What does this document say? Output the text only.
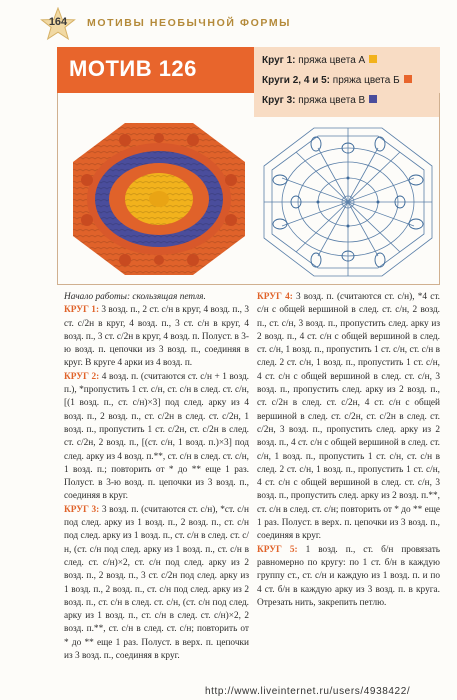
164	МОТИВЫ НЕОБЫЧНОЙ ФОРМЫ
МОТИВ 126	Круг 1: пряжа цвета А
Круги 2, 4 и 5: пряжа цвета Б
Круг 3: пряжа цвета В

Начало работы: скользящая петля.

КРУГ 1: 3 возд. п., 2 ст. с/н в круг, 4 возд. п., 3 ст. с/2н в круг, 4 возд. п., 3 ст. с/н в круг, 4 возд. п., 3 ст. с/2н в круг, 4 возд. п. Полуст. в 3-ю возд. п. цепочки из 3 возд. п., соединяя в круг. В круге 4 арки из 4 возд. п.

КРУГ 2: 4 возд. п. (считаются ст. с/н + 1 возд. п.), *пропустить 1 ст. с/н, ст. с/н в след. ст. с/н, [(1 возд. п., ст. с/н)×3] под след. арку из 4 возд. п., 2 возд. п., ст. с/2н в след. ст. с/2н, 1 возд. п., пропустить 1 ст. с/2н, ст. с/2н в след. ст. с/2н, 2 возд. п., [(ст. с/н, 1 возд. п.)×3] под след. арку из 4 возд. п.**, ст. с/н в след. ст. с/н, 1 возд. п.; повторить от * до ** еще 1 раз. Полуст. в 3-ю возд. п. цепочки из 3 возд. п., соединяя в круг.

КРУГ 3: 3 возд. п. (считаются ст. с/н), *ст. с/н под след. арку из 1 возд. п., 2 возд. п., ст. с/н под след. арку из 1 возд. п., ст. с/н в след. ст. с/н, (ст. с/н под след. арку из 1 возд. п., ст. с/н в след. ст. с/н)×2, ст. с/н под след. арку из 2 возд. п., 2 возд. п., 3 ст. с/2н под след. арку из 1 возд. п., 2 возд. п., ст. с/н под след. арку из 2 возд. п., ст. с/н в след. ст. с/н, (ст. с/н под след. арку из 1 возд. п., ст. с/н в след. ст. с/н)×2, 2 возд. п.**, ст. с/н в след. ст. с/н; повторить от * до ** еще 1 раз. Полуст. в верх. п. цепочки из 3 возд. п., соединяя в круг.

КРУГ 4: 3 возд. п. (считаются ст. с/н), *4 ст. с/н с общей вершиной в след. ст. с/н, 2 возд. п., ст. с/н, 3 возд. п., пропустить след. арку из 2 возд. п., 4 ст. с/н с общей вершиной в след. ст. с/н, 1 возд. п., пропустить 1 ст. с/н, ст. с/н в след. 2 ст. с/н, 1 возд. п., пропустить 1 ст. с/н, 4 ст. с/н с общей вершиной в след. ст. с/н, 3 возд. п., пропустить след. арку из 2 возд. п., ст. с/2н в след. ст. с/2н, 4 ст. с/н с общей вершиной в след. ст. с/2н, ст. с/2н в след. ст. с/2н, 3 возд. п., пропустить след. арку из 2 возд. п., 4 ст. с/н с общей вершиной в след. ст. с/н, 1 возд. п., пропустить 1 ст. с/н, ст. с/н в след. 2 ст. с/н, 1 возд. п., пропустить 1 ст. с/н, 4 ст. с/н с общей вершиной в след. ст. с/н, 3 возд. п., пропустить след. арку из 2 возд. п.**, ст. с/н в след. ст. с/н; повторить от * до ** еще 1 раз. Полуст. в верх. п. цепочки из 3 возд. п., соединяя в круг.

КРУГ 5: 1 возд. п., ст. б/н провязать равномерно по кругу: по 1 ст. б/н в каждую группу ст., ст. с/н и каждую из 1 возд. п. и по 4 ст. б/н в каждую арку из 3 возд. п. в круга. Отрезать нить, закрепить петлю.

http://www.liveinternet.ru/users/4938422/
